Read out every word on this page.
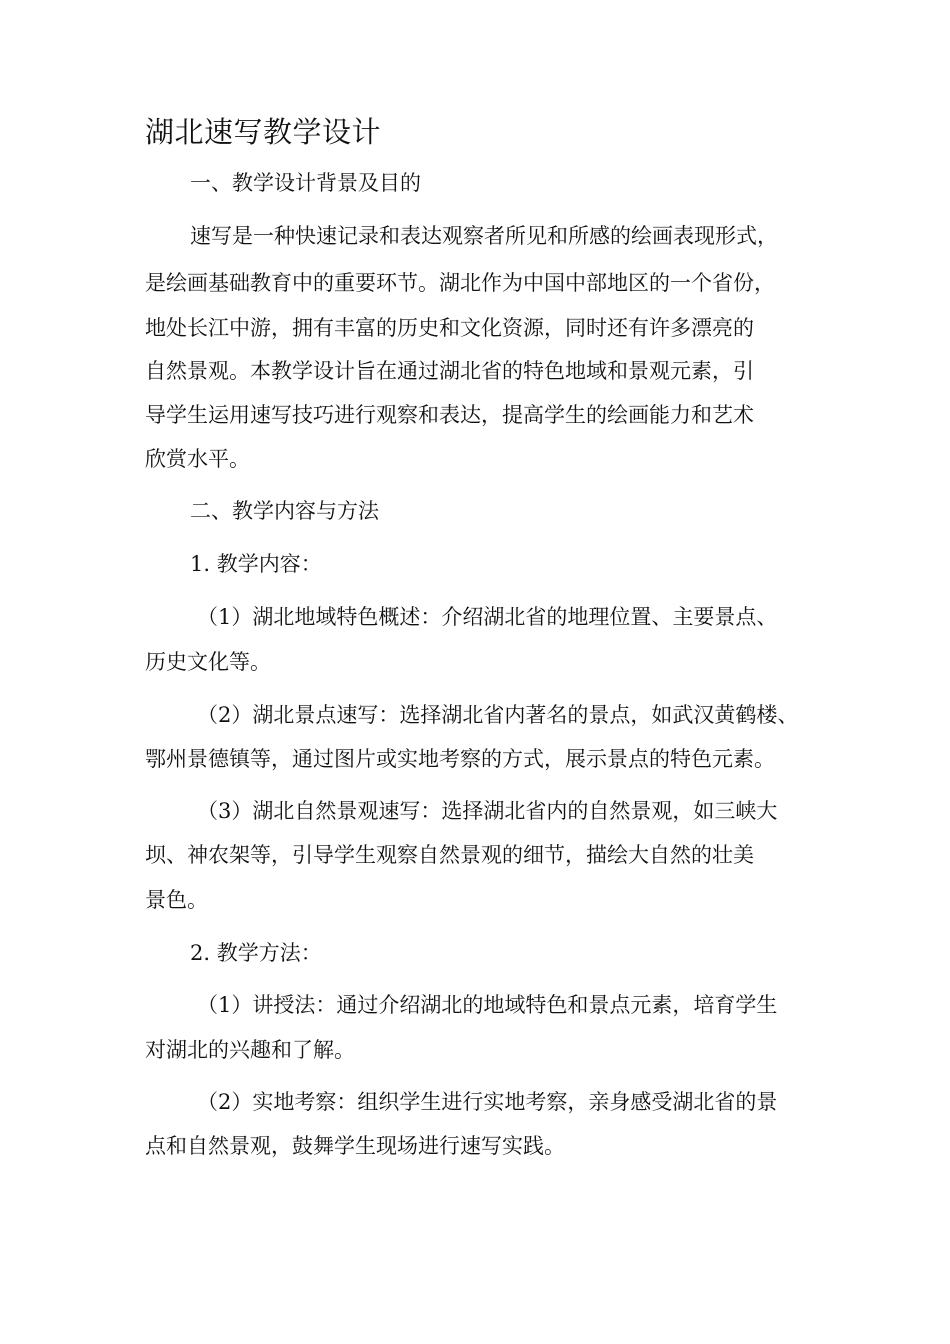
湖北速写教学设计

一、教学设计背景及目的

速写是一种快速记录和表达观察者所见和所感的绘画表现形式，

是绘画基础教育中的重要环节。湖北作为中国中部地区的一个省份，

地处长江中游，拥有丰富的历史和文化资源，同时还有许多漂亮的

自然景观。本教学设计旨在通过湖北省的特色地域和景观元素，引

导学生运用速写技巧进行观察和表达，提高学生的绘画能力和艺术

欣赏水平。

二、教学内容与方法

1. 教学内容：

（1）湖北地域特色概述：介绍湖北省的地理位置、主要景点、

历史文化等。

（2）湖北景点速写：选择湖北省内著名的景点，如武汉黄鹤楼、

鄂州景德镇等，通过图片或实地考察的方式，展示景点的特色元素。

（3）湖北自然景观速写：选择湖北省内的自然景观，如三峡大

坝、神农架等，引导学生观察自然景观的细节，描绘大自然的壮美

景色。

2. 教学方法：

（1）讲授法：通过介绍湖北的地域特色和景点元素，培育学生

对湖北的兴趣和了解。

（2）实地考察：组织学生进行实地考察，亲身感受湖北省的景

点和自然景观，鼓舞学生现场进行速写实践。
